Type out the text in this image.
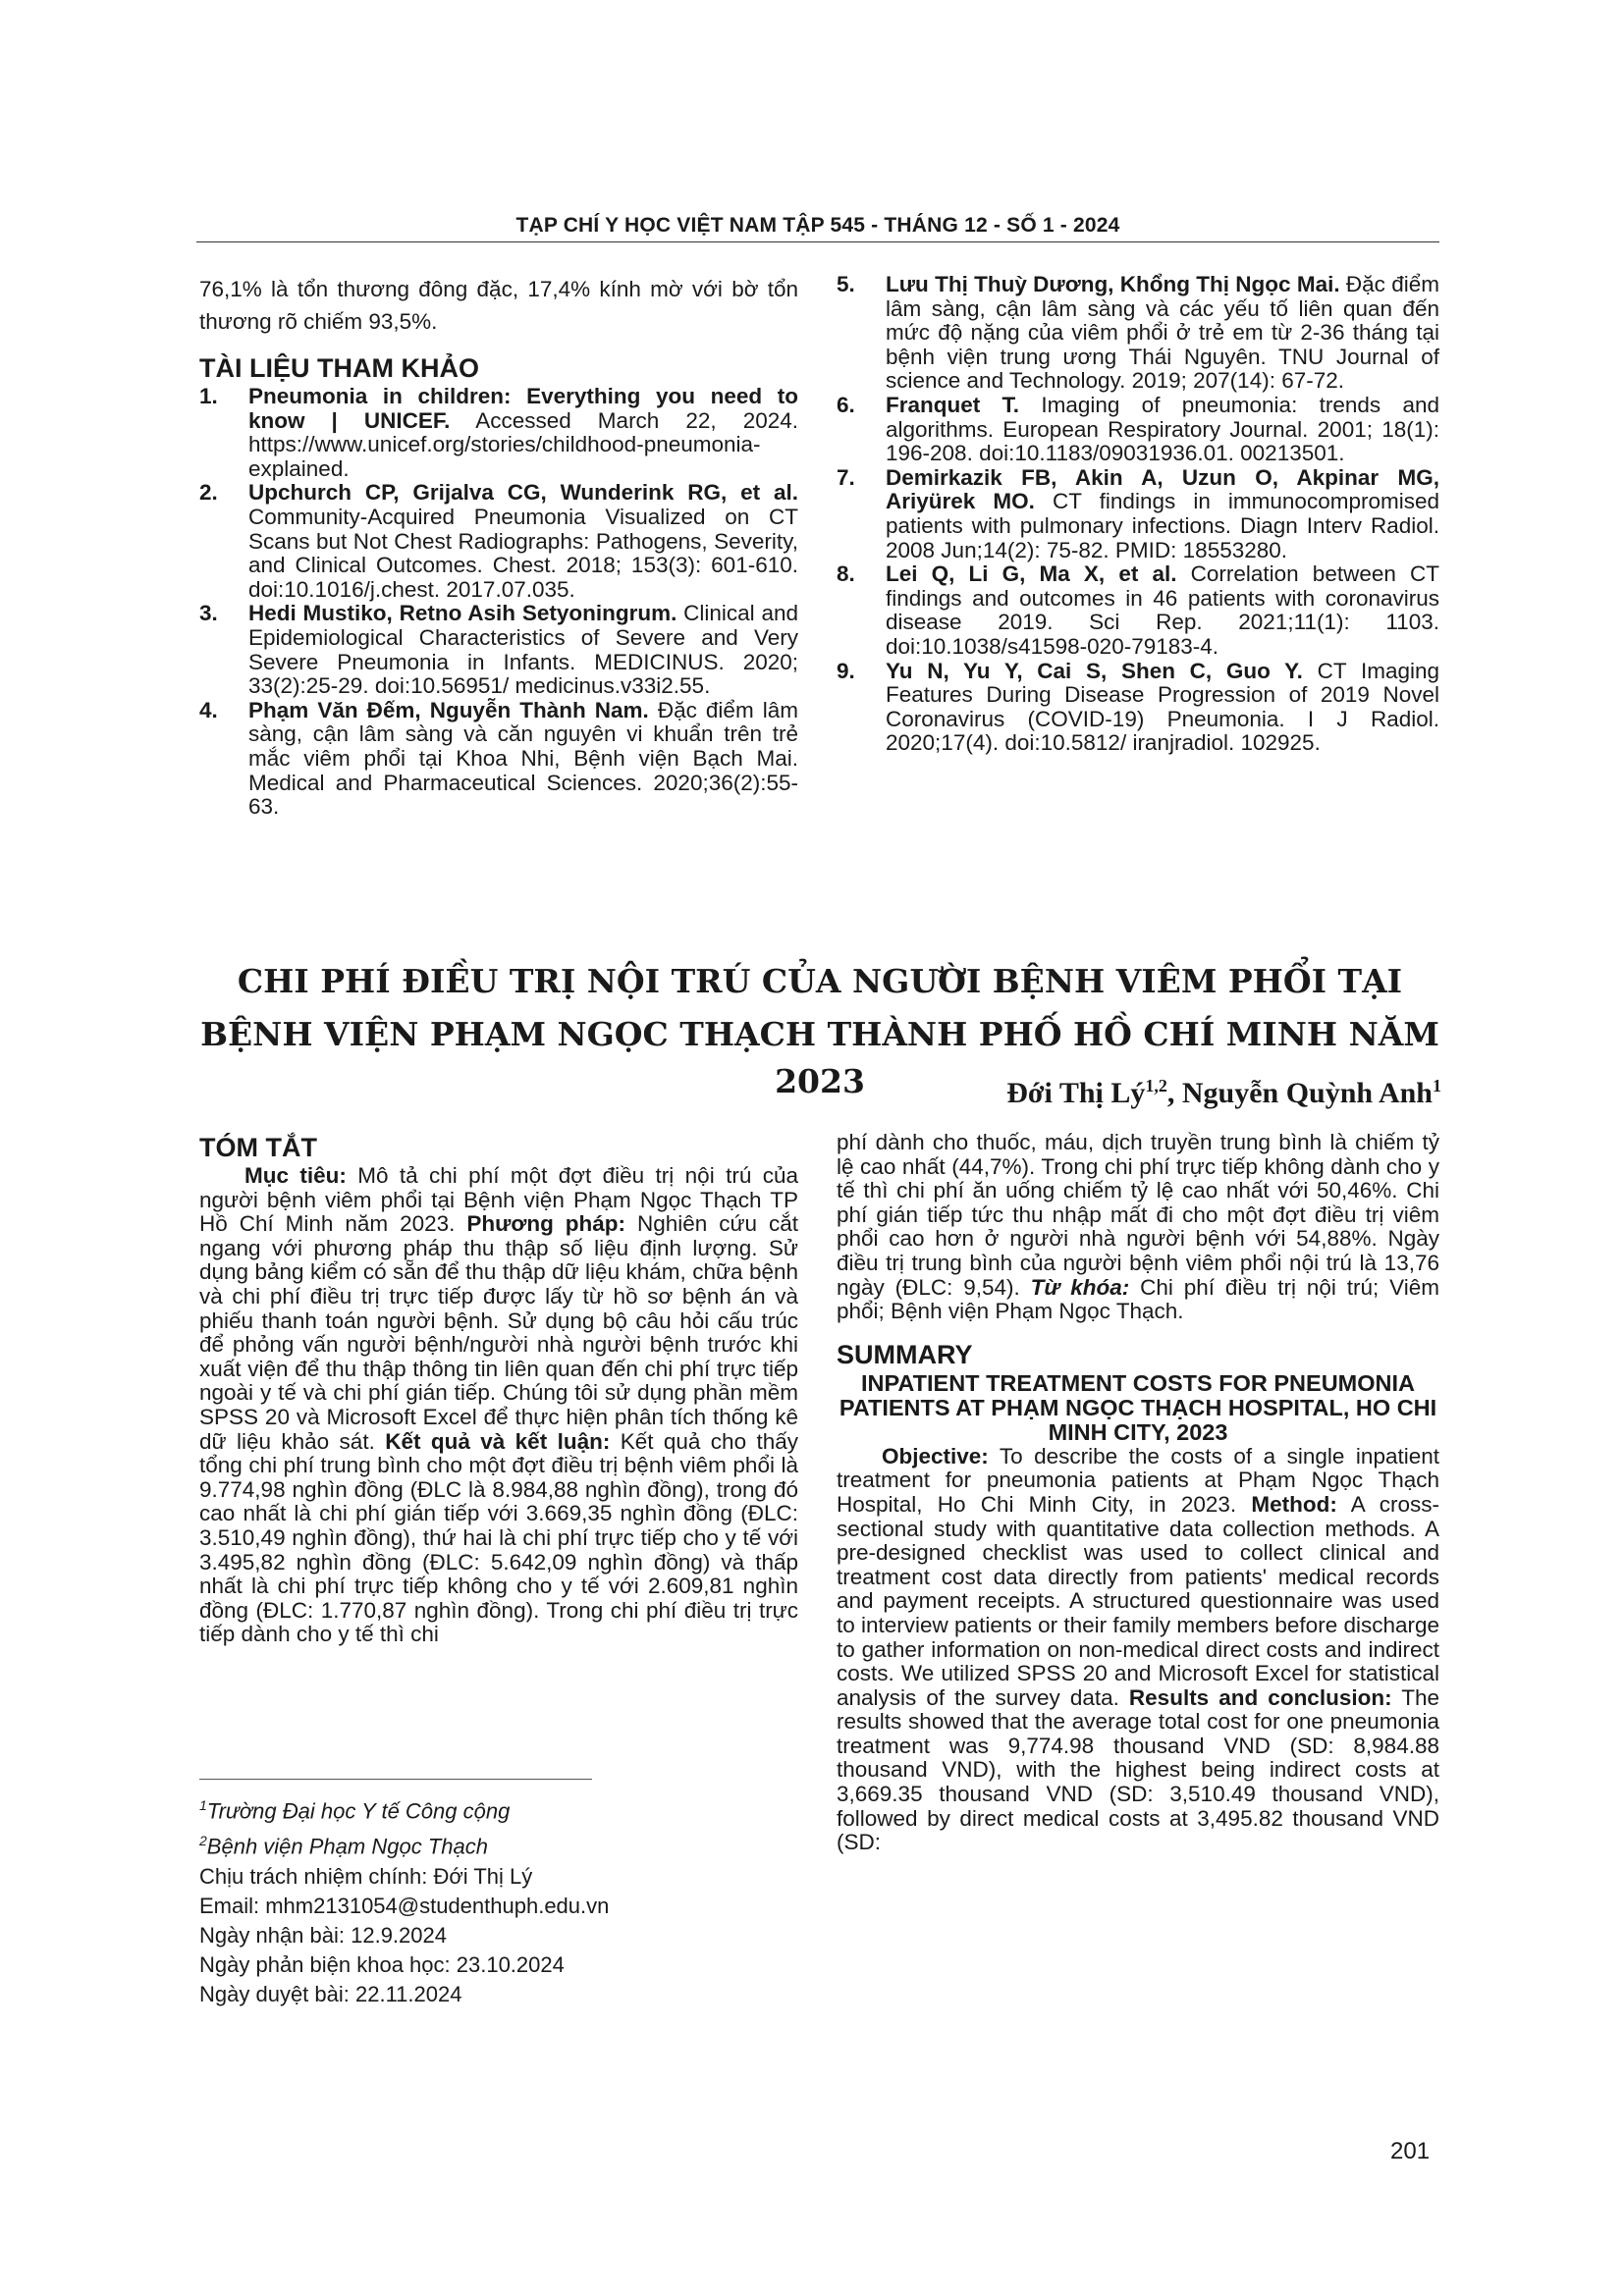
TẠP CHÍ Y HỌC VIỆT NAM TẬP 545 - THÁNG 12 - SỐ 1 - 2024

76,1% là tổn thương đông đặc, 17,4% kính mờ với bờ tổn thương rõ chiếm 93,5%.

TÀI LIỆU THAM KHẢO
1. Pneumonia in children: Everything you need to know | UNICEF. Accessed March 22, 2024. https://www.unicef.org/stories/childhood-pneumonia-explained.
2. Upchurch CP, Grijalva CG, Wunderink RG, et al. Community-Acquired Pneumonia Visualized on CT Scans but Not Chest Radiographs: Pathogens, Severity, and Clinical Outcomes. Chest. 2018; 153(3): 601-610. doi:10.1016/j.chest. 2017.07.035.
3. Hedi Mustiko, Retno Asih Setyoningrum. Clinical and Epidemiological Characteristics of Severe and Very Severe Pneumonia in Infants. MEDICINUS. 2020; 33(2):25-29. doi:10.56951/ medicinus.v33i2.55.
4. Phạm Văn Đếm, Nguyễn Thành Nam. Đặc điểm lâm sàng, cận lâm sàng và căn nguyên vi khuẩn trên trẻ mắc viêm phổi tại Khoa Nhi, Bệnh viện Bạch Mai. Medical and Pharmaceutical Sciences. 2020;36(2):55-63.
5. Lưu Thị Thuỳ Dương, Khổng Thị Ngọc Mai. Đặc điểm lâm sàng, cận lâm sàng và các yếu tố liên quan đến mức độ nặng của viêm phổi ở trẻ em từ 2-36 tháng tại bệnh viện trung ương Thái Nguyên. TNU Journal of science and Technology. 2019; 207(14): 67-72.
6. Franquet T. Imaging of pneumonia: trends and algorithms. European Respiratory Journal. 2001; 18(1): 196-208. doi:10.1183/09031936.01. 00213501.
7. Demirkazik FB, Akin A, Uzun O, Akpinar MG, Ariyürek MO. CT findings in immunocompromised patients with pulmonary infections. Diagn Interv Radiol. 2008 Jun;14(2): 75-82. PMID: 18553280.
8. Lei Q, Li G, Ma X, et al. Correlation between CT findings and outcomes in 46 patients with coronavirus disease 2019. Sci Rep. 2021;11(1): 1103. doi:10.1038/s41598-020-79183-4.
9. Yu N, Yu Y, Cai S, Shen C, Guo Y. CT Imaging Features During Disease Progression of 2019 Novel Coronavirus (COVID-19) Pneumonia. I J Radiol. 2020;17(4). doi:10.5812/ iranjradiol. 102925.
CHI PHÍ ĐIỀU TRỊ NỘI TRÚ CỦA NGƯỜI BỆNH VIÊM PHỔI TẠI
BỆNH VIỆN PHẠM NGỌC THẠCH THÀNH PHỐ HỒ CHÍ MINH NĂM 2023	Đới Thị Lý$^{1,2}$, Nguyễn Quỳnh Anh$^1$
TÓM TẮT

Mục tiêu: Mô tả chi phí một đợt điều trị nội trú của người bệnh viêm phổi tại Bệnh viện Phạm Ngọc Thạch TP Hồ Chí Minh năm 2023. Phương pháp: Nghiên cứu cắt ngang với phương pháp thu thập số liệu định lượng. Sử dụng bảng kiểm có sẵn để thu thập dữ liệu khám, chữa bệnh và chi phí điều trị trực tiếp được lấy từ hồ sơ bệnh án và phiếu thanh toán người bệnh. Sử dụng bộ câu hỏi cấu trúc để phỏng vấn người bệnh/người nhà người bệnh trước khi xuất viện để thu thập thông tin liên quan đến chi phí trực tiếp ngoài y tế và chi phí gián tiếp. Chúng tôi sử dụng phần mềm SPSS 20 và Microsoft Excel để thực hiện phân tích thống kê dữ liệu khảo sát. Kết quả và kết luận: Kết quả cho thấy tổng chi phí trung bình cho một đợt điều trị bệnh viêm phổi là 9.774,98 nghìn đồng (ĐLC là 8.984,88 nghìn đồng), trong đó cao nhất là chi phí gián tiếp với 3.669,35 nghìn đồng (ĐLC: 3.510,49 nghìn đồng), thứ hai là chi phí trực tiếp cho y tế với 3.495,82 nghìn đồng (ĐLC: 5.642,09 nghìn đồng) và thấp nhất là chi phí trực tiếp không cho y tế với 2.609,81 nghìn đồng (ĐLC: 1.770,87 nghìn đồng). Trong chi phí điều trị trực tiếp dành cho y tế thì chi

$^1$Trường Đại học Y tế Công cộng
$^2$Bệnh viện Phạm Ngọc Thạch
Chịu trách nhiệm chính: Đới Thị Lý
Email: mhm2131054@studenthuph.edu.vn
Ngày nhận bài: 12.9.2024
Ngày phản biện khoa học: 23.10.2024
Ngày duyệt bài: 22.11.2024

phí dành cho thuốc, máu, dịch truyền trung bình là chiếm tỷ lệ cao nhất (44,7%). Trong chi phí trực tiếp không dành cho y tế thì chi phí ăn uống chiếm tỷ lệ cao nhất với 50,46%. Chi phí gián tiếp tức thu nhập mất đi cho một đợt điều trị viêm phổi cao hơn ở người nhà người bệnh với 54,88%. Ngày điều trị trung bình của người bệnh viêm phổi nội trú là 13,76 ngày (ĐLC: 9,54). Từ khóa: Chi phí điều trị nội trú; Viêm phổi; Bệnh viện Phạm Ngọc Thạch.

SUMMARY

INPATIENT TREATMENT COSTS FOR PNEUMONIA PATIENTS AT PHẠM NGỌC THẠCH HOSPITAL, HO CHI MINH CITY, 2023

Objective: To describe the costs of a single inpatient treatment for pneumonia patients at Phạm Ngọc Thạch Hospital, Ho Chi Minh City, in 2023. Method: A cross-sectional study with quantitative data collection methods. A pre-designed checklist was used to collect clinical and treatment cost data directly from patients' medical records and payment receipts. A structured questionnaire was used to interview patients or their family members before discharge to gather information on non-medical direct costs and indirect costs. We utilized SPSS 20 and Microsoft Excel for statistical analysis of the survey data. Results and conclusion: The results showed that the average total cost for one pneumonia treatment was 9,774.98 thousand VND (SD: 8,984.88 thousand VND), with the highest being indirect costs at 3,669.35 thousand VND (SD: 3,510.49 thousand VND), followed by direct medical costs at 3,495.82 thousand VND (SD:

201
